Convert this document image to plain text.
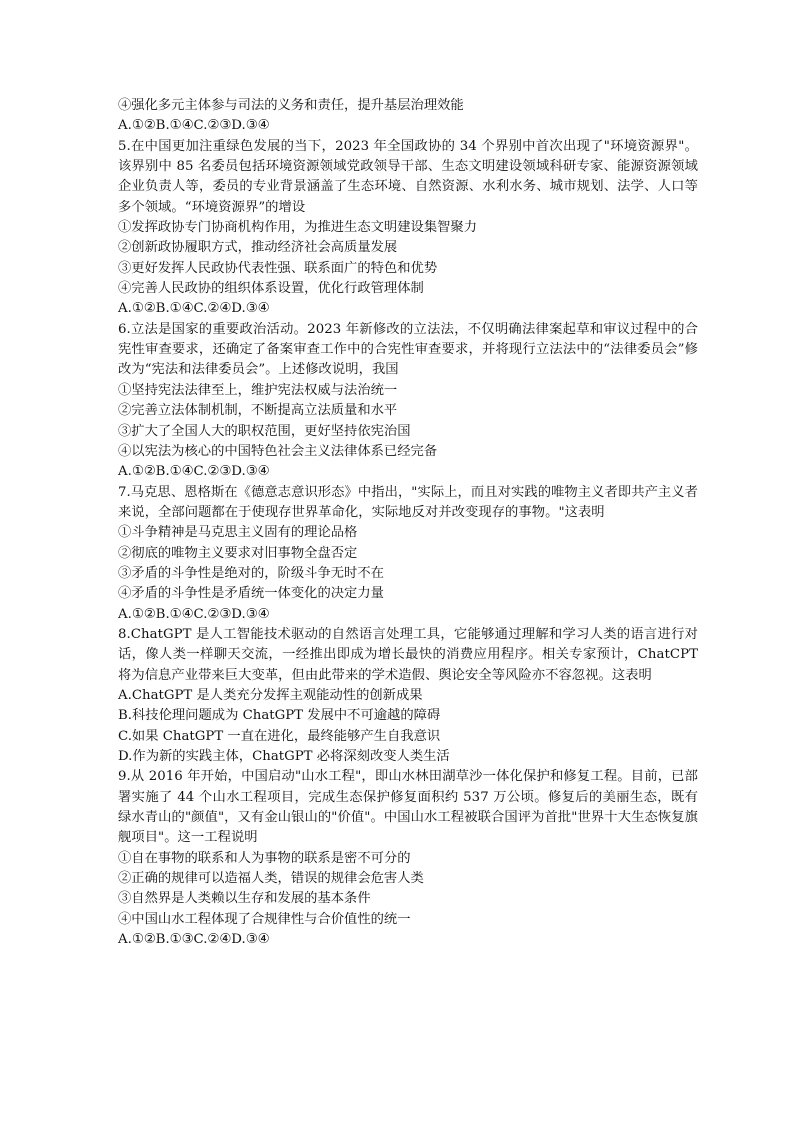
④强化多元主体参与司法的义务和责任，提升基层治理效能
A.①②B.①④C.②③D.③④
5.在中国更加注重绿色发展的当下，2023 年全国政协的 34 个界别中首次出现了"环境资源界"。该界别中 85 名委员包括环境资源领域党政领导干部、生态文明建设领域科研专家、能源资源领域企业负责人等，委员的专业背景涵盖了生态环境、自然资源、水利水务、城市规划、法学、人口等多个领域。“环境资源界”的增设
①发挥政协专门协商机构作用，为推进生态文明建设集智聚力
②创新政协履职方式，推动经济社会高质量发展
③更好发挥人民政协代表性强、联系面广的特色和优势
④完善人民政协的组织体系设置，优化行政管理体制
A.①②B.①④C.②④D.③④
6.立法是国家的重要政治活动。2023 年新修改的立法法，不仅明确法律案起草和审议过程中的合宪性审查要求，还确定了备案审查工作中的合宪性审查要求，并将现行立法法中的“法律委员会”修改为“宪法和法律委员会”。上述修改说明，我国
①坚持宪法法律至上，维护宪法权威与法治统一
②完善立法体制机制，不断提高立法质量和水平
③扩大了全国人大的职权范围，更好坚持依宪治国
④以宪法为核心的中国特色社会主义法律体系已经完备
A.①②B.①④C.②③D.③④
7.马克思、恩格斯在《德意志意识形态》中指出，"实际上，而且对实践的唯物主义者即共产主义者来说，全部问题都在于使现存世界革命化，实际地反对并改变现存的事物。"这表明
①斗争精神是马克思主义固有的理论品格
②彻底的唯物主义要求对旧事物全盘否定
③矛盾的斗争性是绝对的，阶级斗争无时不在
④矛盾的斗争性是矛盾统一体变化的决定力量
A.①②B.①④C.②③D.③④
8.ChatGPT 是人工智能技术驱动的自然语言处理工具，它能够通过理解和学习人类的语言进行对话，像人类一样聊天交流，一经推出即成为增长最快的消费应用程序。相关专家预计，ChatCPT 将为信息产业带来巨大变革，但由此带来的学术造假、舆论安全等风险亦不容忽视。这表明
A.ChatGPT 是人类充分发挥主观能动性的创新成果
B.科技伦理问题成为 ChatGPT 发展中不可逾越的障碍
C.如果 ChatGPT 一直在进化，最终能够产生自我意识
D.作为新的实践主体，ChatGPT 必将深刻改变人类生活
9.从 2016 年开始，中国启动"山水工程"，即山水林田湖草沙一体化保护和修复工程。目前，已部署实施了 44 个山水工程项目，完成生态保护修复面积约 537 万公顷。修复后的美丽生态，既有绿水青山的"颜值"，又有金山银山的"价值"。中国山水工程被联合国评为首批"世界十大生态恢复旗舰项目"。这一工程说明
①自在事物的联系和人为事物的联系是密不可分的
②正确的规律可以造福人类，错误的规律会危害人类
③自然界是人类赖以生存和发展的基本条件
④中国山水工程体现了合规律性与合价值性的统一
A.①②B.①③C.②④D.③④
